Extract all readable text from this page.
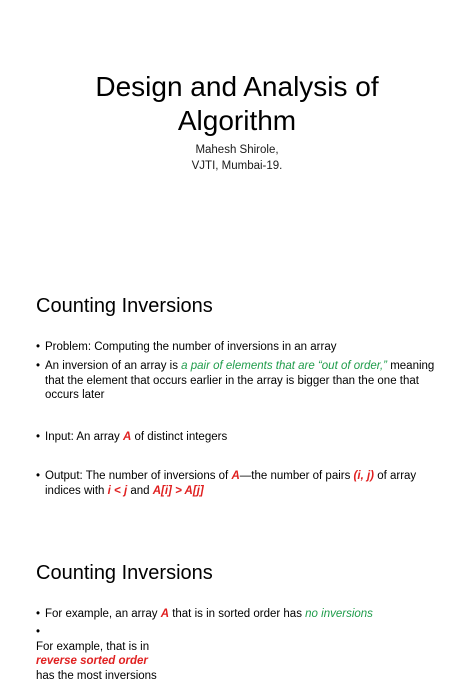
Design and Analysis of
Algorithm
Mahesh Shirole,
VJTI, Mumbai-19.
Counting Inversions
• Problem: Computing the number of inversions in an array
• An inversion of an array is a pair of elements that are “out of order,” meaning that the element that occurs earlier in the array is bigger than the one that occurs later
• Input: An array A of distinct integers
• Output: The number of inversions of A—the number of pairs (i, j) of array indices with i < j and A[i] > A[j]
Counting Inversions
• For example, an array A that is in sorted order has no inversions
•
For example, that is in
reverse sorted order
has the most inversions
